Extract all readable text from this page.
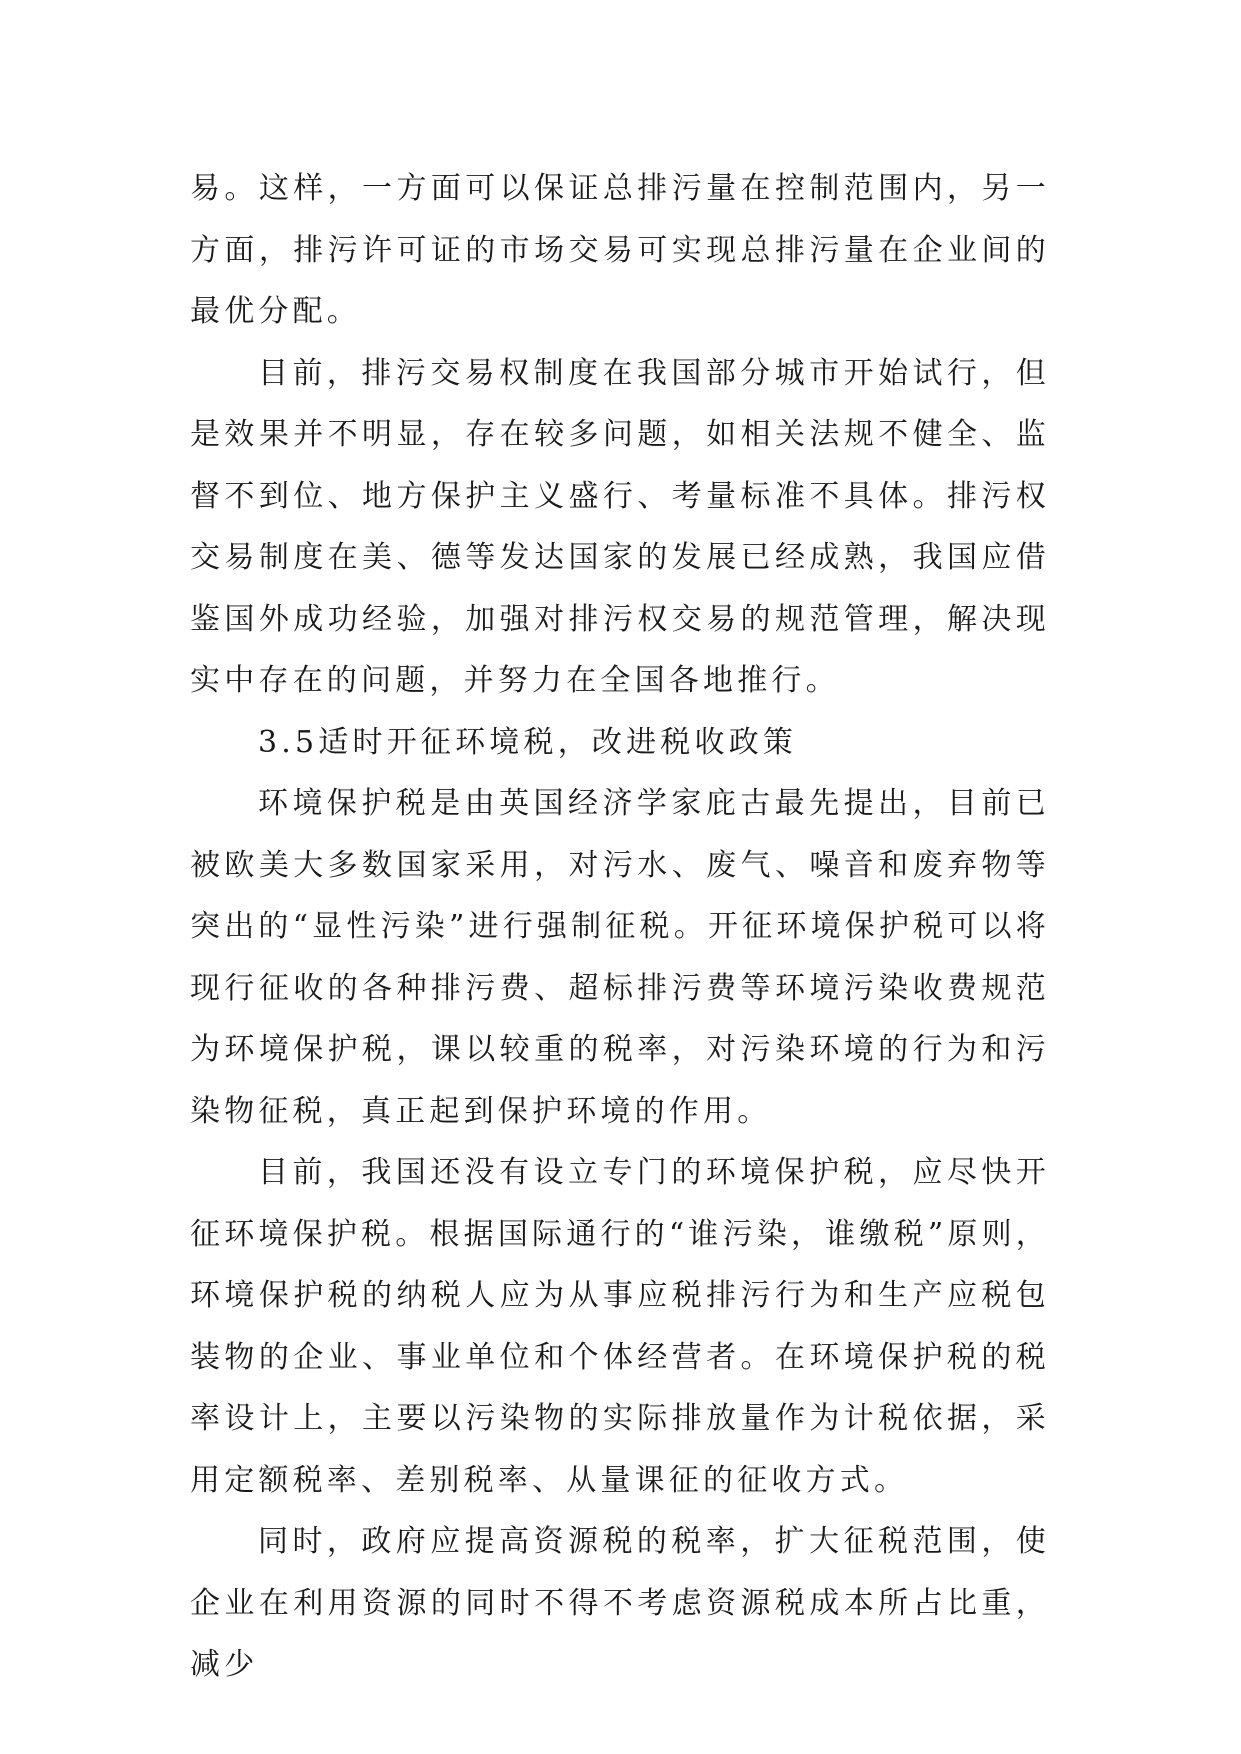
易。这样，一方面可以保证总排污量在控制范围内，另一方面，排污许可证的市场交易可实现总排污量在企业间的最优分配。

目前，排污交易权制度在我国部分城市开始试行，但是效果并不明显，存在较多问题，如相关法规不健全、监督不到位、地方保护主义盛行、考量标准不具体。排污权交易制度在美、德等发达国家的发展已经成熟，我国应借鉴国外成功经验，加强对排污权交易的规范管理，解决现实中存在的问题，并努力在全国各地推行。

3.5适时开征环境税，改进税收政策

环境保护税是由英国经济学家庇古最先提出，目前已被欧美大多数国家采用，对污水、废气、噪音和废弃物等突出的“显性污染”进行强制征税。开征环境保护税可以将现行征收的各种排污费、超标排污费等环境污染收费规范为环境保护税，课以较重的税率，对污染环境的行为和污染物征税，真正起到保护环境的作用。

目前，我国还没有设立专门的环境保护税，应尽快开征环境保护税。根据国际通行的“谁污染，谁缴税”原则，环境保护税的纳税人应为从事应税排污行为和生产应税包装物的企业、事业单位和个体经营者。在环境保护税的税率设计上，主要以污染物的实际排放量作为计税依据，采用定额税率、差别税率、从量课征的征收方式。

同时，政府应提高资源税的税率，扩大征税范围，使企业在利用资源的同时不得不考虑资源税成本所占比重，减少
